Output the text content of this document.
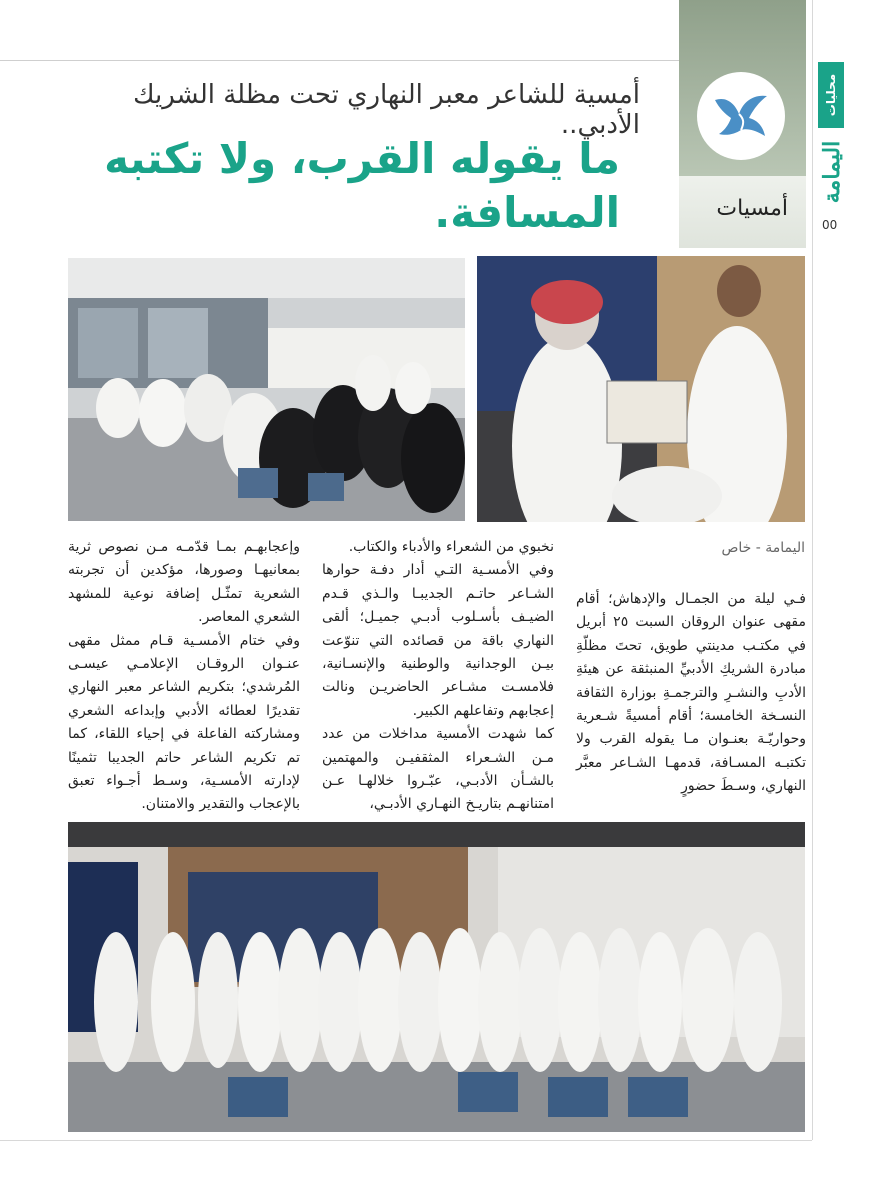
محليات
اليمامة
00
أمسيات
أمسية للشاعر معبر النهاري تحت مظلة الشريك الأدبي..
ما يقوله القرب، ولا تكتبه المسافة.
اليمامة - خاص

فـي ليلة من الجمـال والإدهاش؛ أقام مقهى عنوان الروقان السبت ٢٥ أبريل في مكتـب مدينتي طويق، تحتَ مظلّةِ مبادرة الشريكِ الأدبيِّ المنبثقة عن هيئةِ الأدبِ والنشـرِ والترجمـةِ بوزارة الثقافة النسـخة الخامسة؛ أقام أمسيةً شـعرية وحواريّـة بعنـوان مـا يقوله القرب ولا تكتبـه المسـافة، قدمهـا الشـاعر معبَّر النهاري، وسـطَ حضورٍ

نخبوي من الشعراء والأدباء والكتاب.

وفي الأمسـية التـي أدار دفـة حوارها الشـاعر حاتـم الجديبـا والـذي قـدم الضيـف بأسـلوب أدبـي جميـل؛ ألقى النهاري باقة من قصائده التي تنوّعت بيـن الوجدانية والوطنية والإنسـانية، فلامسـت مشـاعر الحاضريـن ونالت إعجابهم وتفاعلهم الكبير.

كما شهدت الأمسية مداخلات من عدد مـن الشـعراء المثقفيـن والمهتمين بالشـأن الأدبـي، عبّـروا خلالهـا عـن امتنانهـم بتاريـخ النهـاري الأدبـي،

وإعجابهـم بمـا قدّمـه مـن نصوص ثرية بمعانيهـا وصورها، مؤكدين أن تجربته الشعرية تمثّـل إضافة نوعية للمشهد الشعري المعاصر.

وفي ختام الأمسـية قـام ممثل مقهى عنـوان الروقـان الإعلامـي عيسـى المُرشدي؛ بتكريم الشاعر معبر النهاري تقديرًا لعطائه الأدبي وإبداعه الشعري ومشاركته الفاعلة في إحياء اللقاء، كما تم تكريم الشاعر حاتم الجديبا تثمينًا لإدارته الأمسـية، وسـط أجـواء تعبق بالإعجاب والتقدير والامتنان.
